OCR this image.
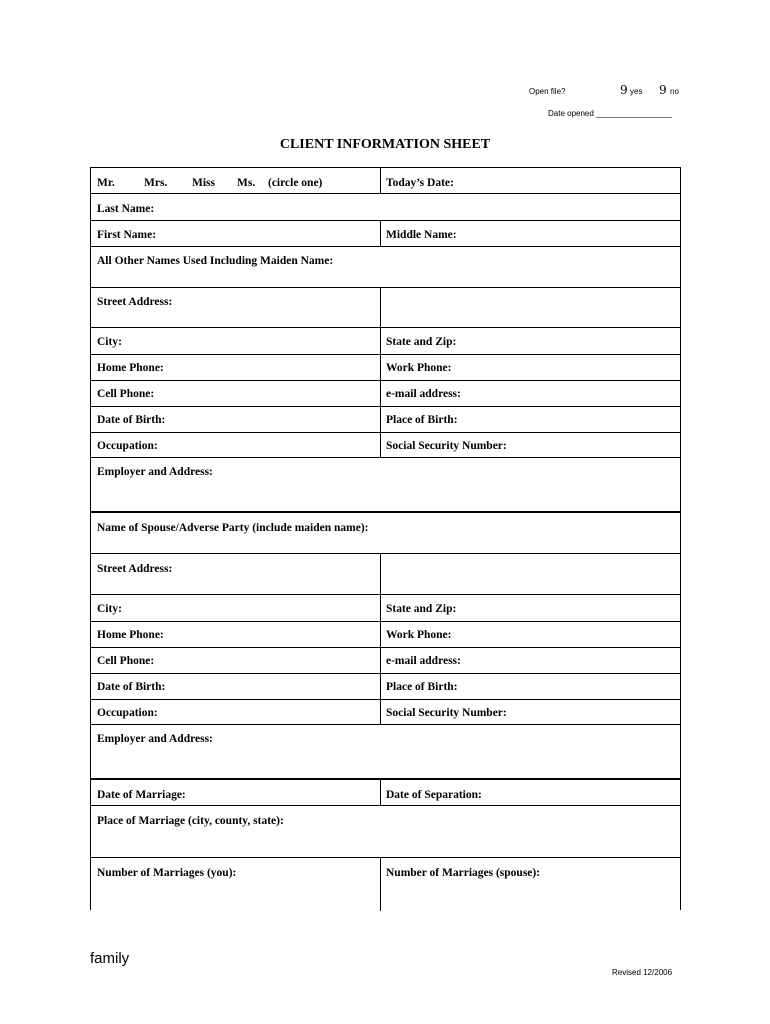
Open file?	9 yes 9 no
Date opened _________________
CLIENT INFORMATION SHEET
Mr.	Mrs. Miss Ms. (circle one)	Today’s Date:
Last Name:
First Name:	Middle Name:
All Other Names Used Including Maiden Name:
Street Address:
City:	State and Zip:
Home Phone:	Work Phone:
Cell Phone:	e-mail address:
Date of Birth:	Place of Birth:
Occupation:	Social Security Number:
Employer and Address:
Name of Spouse/Adverse Party (include maiden name):
Street Address:
City:	State and Zip:
Home Phone:	Work Phone:
Cell Phone:	e-mail address:
Date of Birth:	Place of Birth:
Occupation:	Social Security Number:
Employer and Address:
Date of Marriage:	Date of Separation:
Place of Marriage (city, county, state):
Number of Marriages (you):	Number of Marriages (spouse):
family
Revised 12/2006
